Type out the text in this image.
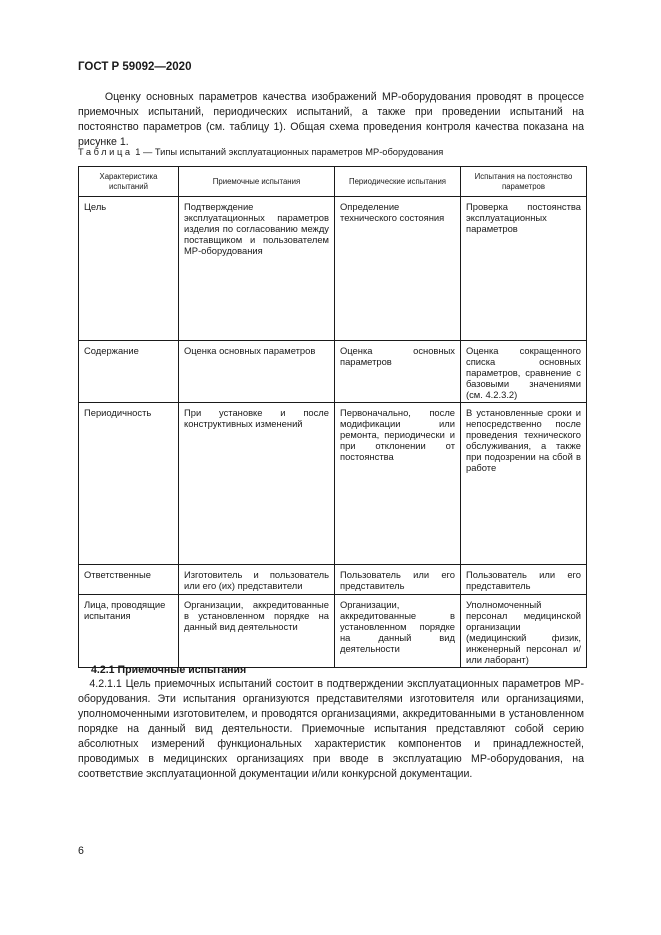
ГОСТ Р 59092—2020
Оценку основных параметров качества изображений МР-оборудования проводят в процессе приемочных испытаний, периодических испытаний, а также при проведении испытаний на постоянство параметров (см. таблицу 1). Общая схема проведения контроля качества показана на рисунке 1.
Таблица 1 — Типы испытаний эксплуатационных параметров МР-оборудования
Характеристика испытаний	Приемочные испытания	Периодические испытания	Испытания на постоянство параметров
Цель	Подтверждение эксплуатационных параметров изделия по согласованию между поставщиком и пользователем МР-оборудования	Определение технического состояния	Проверка постоянства эксплуатационных параметров
Содержание	Оценка основных параметров	Оценка основных параметров	Оценка сокращенного списка основных параметров, сравнение с базовыми значениями (см. 4.2.3.2)
Периодичность	При установке и после конструктивных изменений	Первоначально, после модификации или ремонта, периодически и при отклонении от постоянства	В установленные сроки и непосредственно после проведения технического обслуживания, а также при подозрении на сбой в работе
Ответственные	Изготовитель и пользователь или его (их) представители	Пользователь или его представитель	Пользователь или его представитель
Лица, проводящие испытания	Организации, аккредитованные в установленном порядке на данный вид деятельности	Организации, аккредитованные в установленном порядке на данный вид деятельности	Уполномоченный персонал медицинской организации (медицинский физик, инженерный персонал и/или лаборант)
4.2.1 Приемочные испытания
4.2.1.1 Цель приемочных испытаний состоит в подтверждении эксплуатационных параметров МР-оборудования. Эти испытания организуются представителями изготовителя или организациями, уполномоченными изготовителем, и проводятся организациями, аккредитованными в установленном порядке на данный вид деятельности. Приемочные испытания представляют собой серию абсолютных измерений функциональных характеристик компонентов и принадлежностей, проводимых в медицинских организациях при вводе в эксплуатацию МР-оборудования, на соответствие эксплуатационной документации и/или конкурсной документации.
6
